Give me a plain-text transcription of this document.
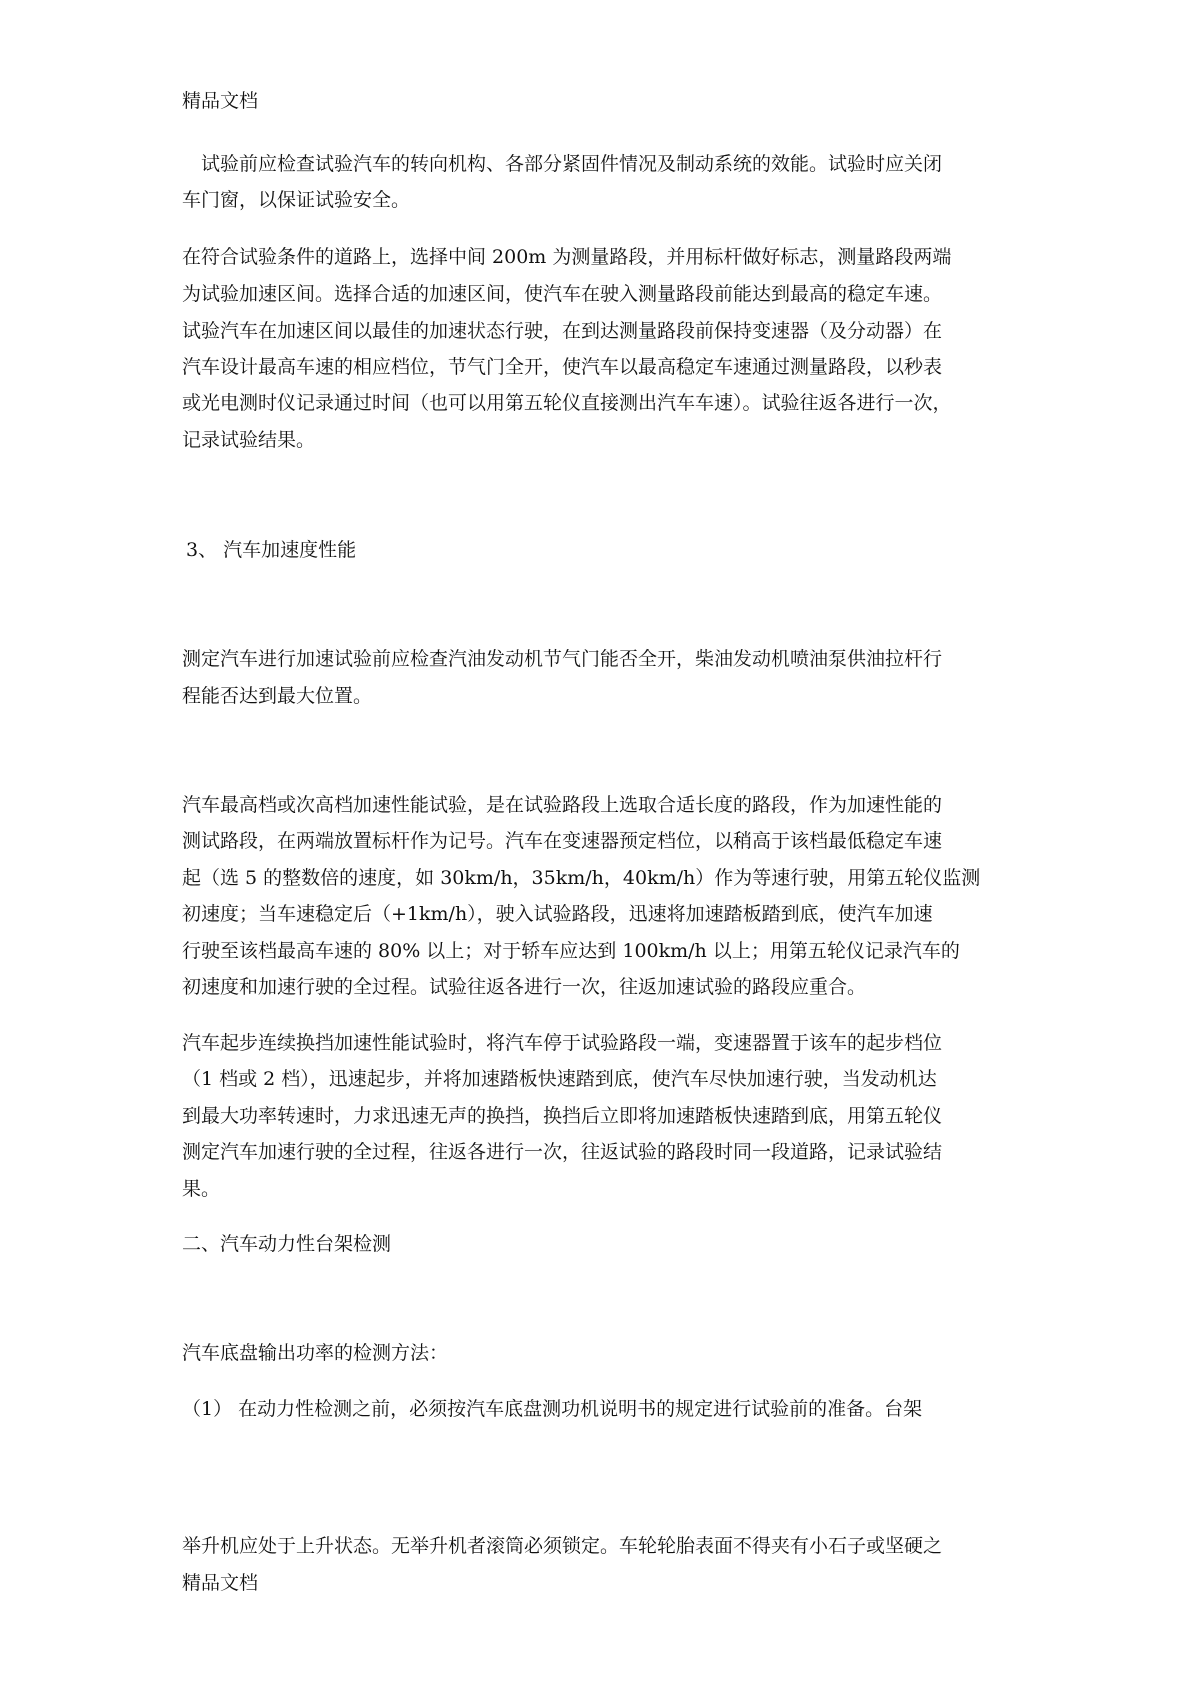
精品文档
　试验前应检查试验汽车的转向机构、各部分紧固件情况及制动系统的效能。试验时应关闭
车门窗，以保证试验安全。
在符合试验条件的道路上，选择中间 200m 为测量路段，并用标杆做好标志，测量路段两端
为试验加速区间。选择合适的加速区间，使汽车在驶入测量路段前能达到最高的稳定车速。
试验汽车在加速区间以最佳的加速状态行驶，在到达测量路段前保持变速器（及分动器）在
汽车设计最高车速的相应档位，节气门全开，使汽车以最高稳定车速通过测量路段，以秒表
或光电测时仪记录通过时间（也可以用第五轮仪直接测出汽车车速）。试验往返各进行一次，
记录试验结果。
3、 汽车加速度性能
测定汽车进行加速试验前应检查汽油发动机节气门能否全开，柴油发动机喷油泵供油拉杆行
程能否达到最大位置。
汽车最高档或次高档加速性能试验，是在试验路段上选取合适长度的路段，作为加速性能的
测试路段，在两端放置标杆作为记号。汽车在变速器预定档位，以稍高于该档最低稳定车速
起（选 5 的整数倍的速度，如 30km/h，35km/h，40km/h）作为等速行驶，用第五轮仪监测
初速度；当车速稳定后（+1km/h），驶入试验路段，迅速将加速踏板踏到底，使汽车加速
行驶至该档最高车速的 80% 以上；对于轿车应达到 100km/h 以上；用第五轮仪记录汽车的
初速度和加速行驶的全过程。试验往返各进行一次，往返加速试验的路段应重合。
汽车起步连续换挡加速性能试验时，将汽车停于试验路段一端，变速器置于该车的起步档位
（1 档或 2 档），迅速起步，并将加速踏板快速踏到底，使汽车尽快加速行驶，当发动机达
到最大功率转速时，力求迅速无声的换挡，换挡后立即将加速踏板快速踏到底，用第五轮仪
测定汽车加速行驶的全过程，往返各进行一次，往返试验的路段时同一段道路，记录试验结
果。
二、汽车动力性台架检测
汽车底盘输出功率的检测方法：
（1） 在动力性检测之前，必须按汽车底盘测功机说明书的规定进行试验前的准备。台架
举升机应处于上升状态。无举升机者滚筒必须锁定。车轮轮胎表面不得夹有小石子或坚硬之
精品文档
